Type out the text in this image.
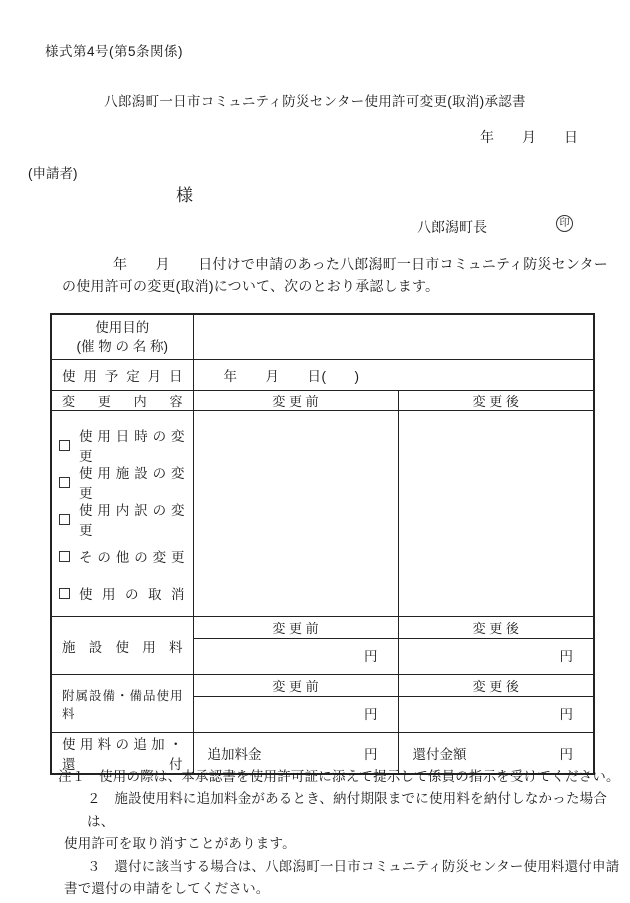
様式第4号(第5条関係)
八郎潟町一日市コミュニティ防災センター使用許可変更(取消)承認書
年　　月　　日
(申請者)
様
八郎潟町長	印
年　　月　　日付けで申請のあった八郎潟町一日市コミュニティ防災センター
の使用許可の変更(取消)について、次のとおり承認します。
使用目的
(催 物 の 名 称)		

使 用 予 定 月 日	年　　月　　日(　　)	

変 更 内 容	変 更 前	変 更 後

使 用 日 時 の 変 更
使 用 施 設 の 変 更
使 用 内 訳 の 変 更
そ の 他 の 変 更
使 用 の 取 消		

施 設 使 用 料	変 更 前	変 更 後
	円	円

附属設備・備品使用料	変 更 前	変 更 後
	円	円

使 用 料 の 追 加 ・ 還 付	追加料金 円	還付金額 円
注１　使用の際は、本承認書を使用許可証に添えて提示して係員の指示を受けてください。
２　施設使用料に追加料金があるとき、納付期限までに使用料を納付しなかった場合は、
使用許可を取り消すことがあります。
３　還付に該当する場合は、八郎潟町一日市コミュニティ防災センター使用料還付申請
書で還付の申請をしてください。
